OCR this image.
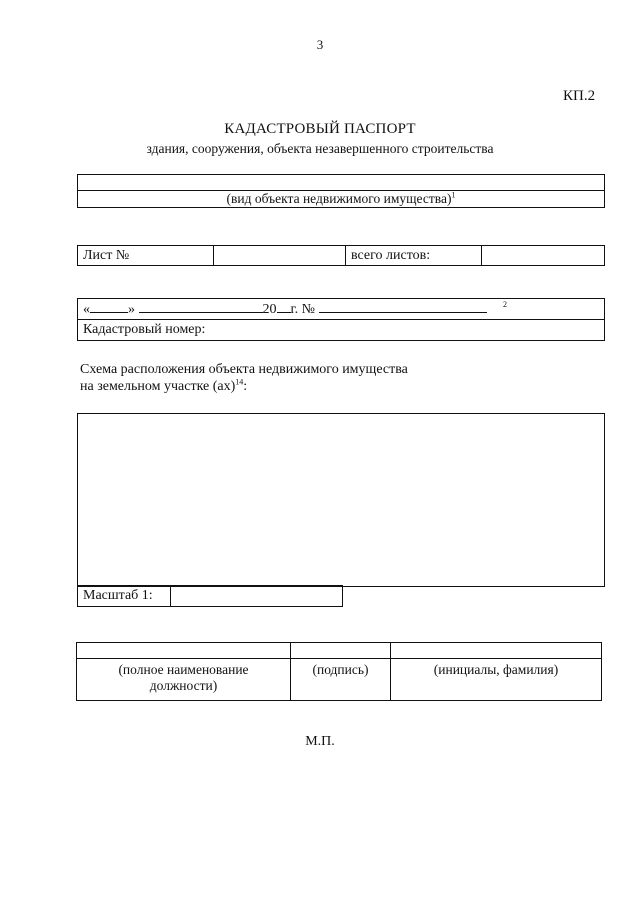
3
КП.2
КАДАСТРОВЫЙ ПАСПОРТ
здания, сооружения, объекта незавершенного строительства

(вид объекта недвижимого имущества)$^1$
Лист №		всего листов:	
«	»	20 г. №	2

Кадастровый номер:
Схема расположения объекта недвижимого имущества
на земельном участке (ах)$^{14}$:
Масштаб 1:	

(полное наименование должности)	(подпись)	(инициалы, фамилия)
М.П.
